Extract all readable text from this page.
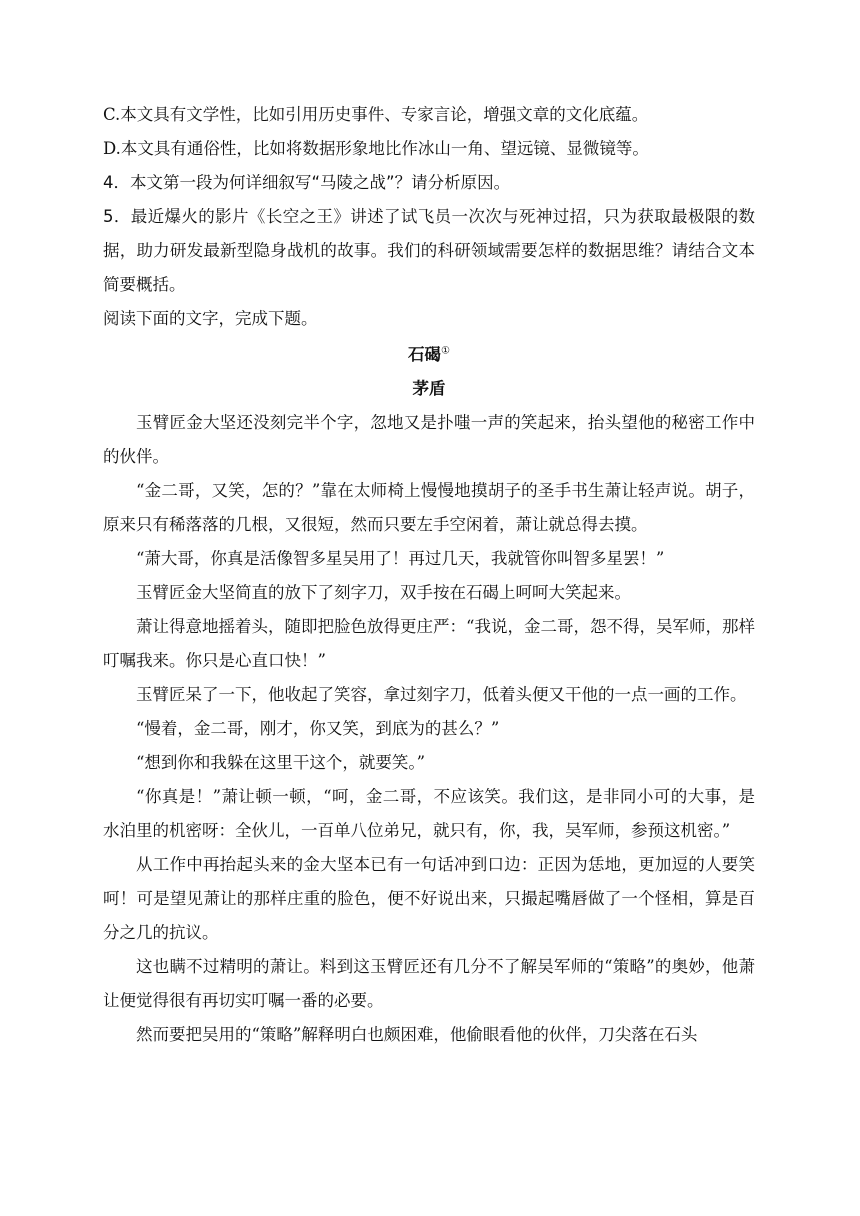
C.本文具有文学性，比如引用历史事件、专家言论，增强文章的文化底蕴。

D.本文具有通俗性，比如将数据形象地比作冰山一角、望远镜、显微镜等。

4．本文第一段为何详细叙写“马陵之战”？请分析原因。

5．最近爆火的影片《长空之王》讲述了试飞员一次次与死神过招，只为获取最极限的数据，助力研发最新型隐身战机的故事。我们的科研领域需要怎样的数据思维？请结合文本简要概括。

阅读下面的文字，完成下题。

石碣①

茅盾

玉臂匠金大坚还没刻完半个字，忽地又是扑嗤一声的笑起来，抬头望他的秘密工作中的伙伴。

“金二哥，又笑，怎的？”靠在太师椅上慢慢地摸胡子的圣手书生萧让轻声说。胡子，原来只有稀落落的几根，又很短，然而只要左手空闲着，萧让就总得去摸。

“萧大哥，你真是活像智多星吴用了！再过几天，我就管你叫智多星罢！”

玉臂匠金大坚简直的放下了刻字刀，双手按在石碣上呵呵大笑起来。

萧让得意地摇着头，随即把脸色放得更庄严：“我说，金二哥，怨不得，吴军师，那样叮嘱我来。你只是心直口快！”

玉臂匠呆了一下，他收起了笑容，拿过刻字刀，低着头便又干他的一点一画的工作。

“慢着，金二哥，刚才，你又笑，到底为的甚么？”

“想到你和我躲在这里干这个，就要笑。”

“你真是！”萧让顿一顿，“呵，金二哥，不应该笑。我们这，是非同小可的大事，是水泊里的机密呀：全伙儿，一百单八位弟兄，就只有，你，我，吴军师，参预这机密。”

从工作中再抬起头来的金大坚本已有一句话冲到口边：正因为恁地，更加逗的人要笑呵！可是望见萧让的那样庄重的脸色，便不好说出来，只撮起嘴唇做了一个怪相，算是百分之几的抗议。

这也瞒不过精明的萧让。料到这玉臂匠还有几分不了解吴军师的“策略”的奥妙，他萧让便觉得很有再切实叮嘱一番的必要。

然而要把吴用的“策略”解释明白也颇困难，他偷眼看他的伙伴，刀尖落在石头
